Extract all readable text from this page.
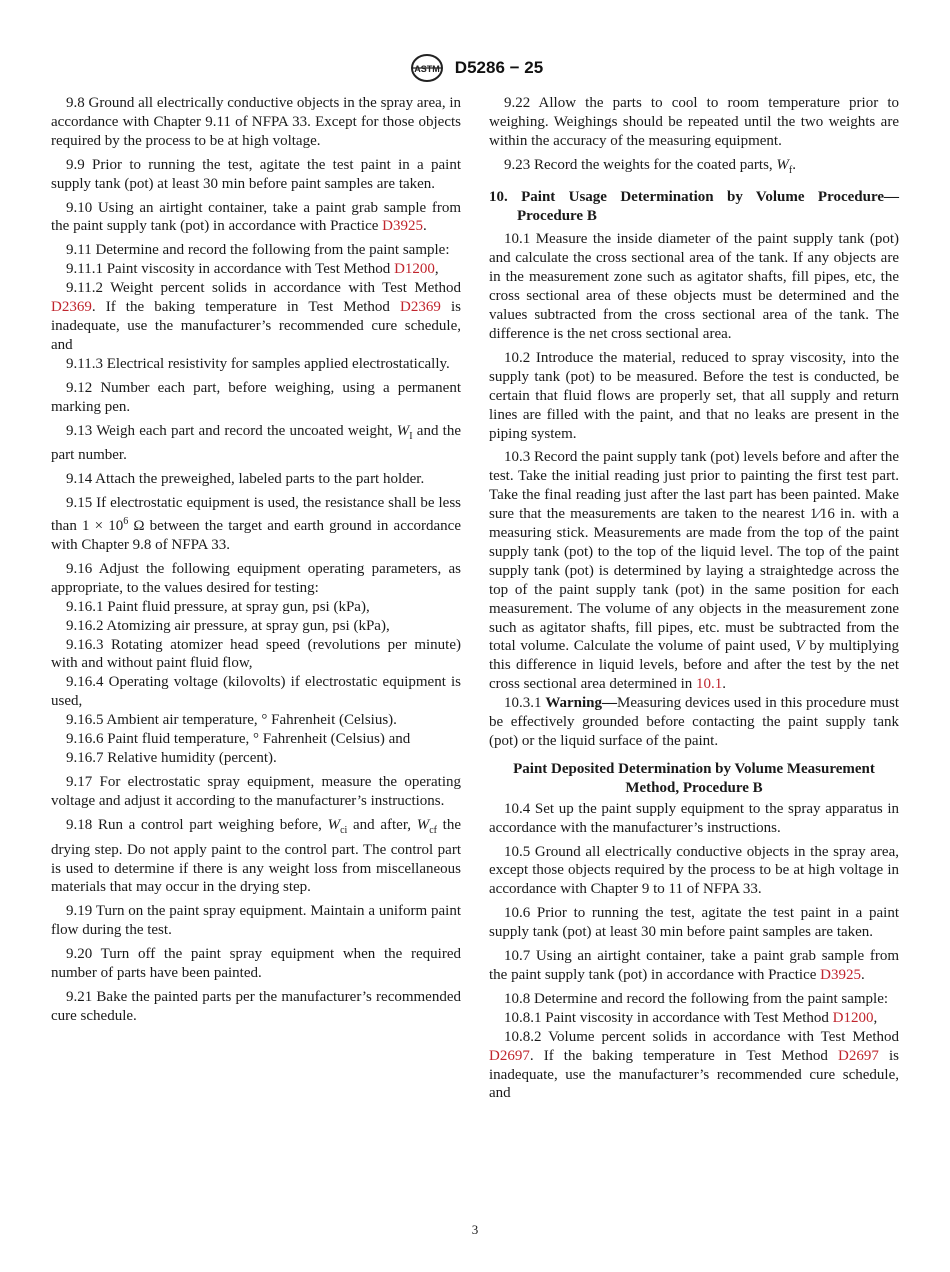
ASTM D5286 − 25

9.8 Ground all electrically conductive objects in the spray area, in accordance with Chapter 9.11 of NFPA 33. Except for those objects required by the process to be at high voltage.

9.9 Prior to running the test, agitate the test paint in a paint supply tank (pot) at least 30 min before paint samples are taken.

9.10 Using an airtight container, take a paint grab sample from the paint supply tank (pot) in accordance with Practice D3925.

9.11 Determine and record the following from the paint sample:

9.11.1 Paint viscosity in accordance with Test Method D1200,

9.11.2 Weight percent solids in accordance with Test Method D2369. If the baking temperature in Test Method D2369 is inadequate, use the manufacturer’s recommended cure schedule, and

9.11.3 Electrical resistivity for samples applied electrostatically.

9.12 Number each part, before weighing, using a permanent marking pen.

9.13 Weigh each part and record the uncoated weight, $W_I$ and the part number.

9.14 Attach the preweighed, labeled parts to the part holder.

9.15 If electrostatic equipment is used, the resistance shall be less than $1 \times 10^6$ Ω between the target and earth ground in accordance with Chapter 9.8 of NFPA 33.

9.16 Adjust the following equipment operating parameters, as appropriate, to the values desired for testing:

9.16.1 Paint fluid pressure, at spray gun, psi (kPa),

9.16.2 Atomizing air pressure, at spray gun, psi (kPa),

9.16.3 Rotating atomizer head speed (revolutions per minute) with and without paint fluid flow,

9.16.4 Operating voltage (kilovolts) if electrostatic equipment is used,

9.16.5 Ambient air temperature, ° Fahrenheit (Celsius).

9.16.6 Paint fluid temperature, ° Fahrenheit (Celsius) and

9.16.7 Relative humidity (percent).

9.17 For electrostatic spray equipment, measure the operating voltage and adjust it according to the manufacturer’s instructions.

9.18 Run a control part weighing before, $W_{ci}$ and after, $W_{cf}$ the drying step. Do not apply paint to the control part. The control part is used to determine if there is any weight loss from miscellaneous materials that may occur in the drying step.

9.19 Turn on the paint spray equipment. Maintain a uniform paint flow during the test.

9.20 Turn off the paint spray equipment when the required number of parts have been painted.

9.21 Bake the painted parts per the manufacturer’s recommended cure schedule.

9.22 Allow the parts to cool to room temperature prior to weighing. Weighings should be repeated until the two weights are within the accuracy of the measuring equipment.

9.23 Record the weights for the coated parts, $W_f$.

10. Paint Usage Determination by Volume Procedure—Procedure B

10.1 Measure the inside diameter of the paint supply tank (pot) and calculate the cross sectional area of the tank. If any objects are in the measurement zone such as agitator shafts, fill pipes, etc, the cross sectional area of these objects must be determined and the values subtracted from the cross sectional area of the tank. The difference is the net cross sectional area.

10.2 Introduce the material, reduced to spray viscosity, into the supply tank (pot) to be measured. Before the test is conducted, be certain that fluid flows are properly set, that all supply and return lines are filled with the paint, and that no leaks are present in the piping system.

10.3 Record the paint supply tank (pot) levels before and after the test. Take the initial reading just prior to painting the first test part. Take the final reading just after the last part has been painted. Make sure that the measurements are taken to the nearest 1⁄16 in. with a measuring stick. Measurements are made from the top of the paint supply tank (pot) to the top of the liquid level. The top of the paint supply tank (pot) is determined by laying a straightedge across the top of the paint supply tank (pot) in the same position for each measurement. The volume of any objects in the measurement zone such as agitator shafts, fill pipes, etc. must be subtracted from the total volume. Calculate the volume of paint used, V by multiplying this difference in liquid levels, before and after the test by the net cross sectional area determined in 10.1.

10.3.1 Warning—Measuring devices used in this procedure must be effectively grounded before contacting the paint supply tank (pot) or the liquid surface of the paint.

Paint Deposited Determination by Volume Measurement Method, Procedure B

10.4 Set up the paint supply equipment to the spray apparatus in accordance with the manufacturer’s instructions.

10.5 Ground all electrically conductive objects in the spray area, except those objects required by the process to be at high voltage in accordance with Chapter 9 to 11 of NFPA 33.

10.6 Prior to running the test, agitate the test paint in a paint supply tank (pot) at least 30 min before paint samples are taken.

10.7 Using an airtight container, take a paint grab sample from the paint supply tank (pot) in accordance with Practice D3925.

10.8 Determine and record the following from the paint sample:

10.8.1 Paint viscosity in accordance with Test Method D1200,

10.8.2 Volume percent solids in accordance with Test Method D2697. If the baking temperature in Test Method D2697 is inadequate, use the manufacturer’s recommended cure schedule, and

3
